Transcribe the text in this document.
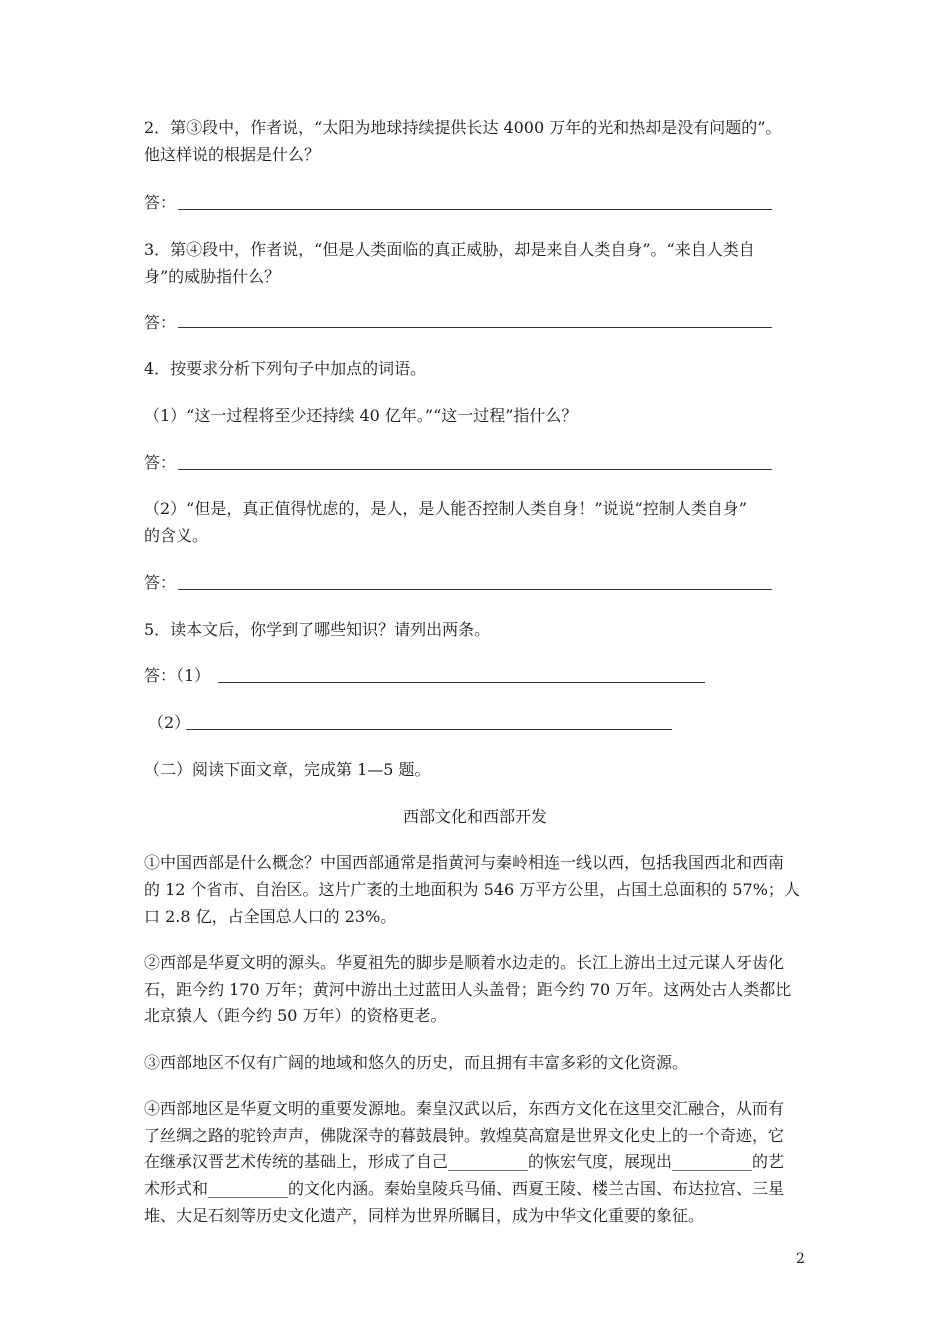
2．第③段中，作者说，“太阳为地球持续提供长达 4000 万年的光和热却是没有问题的”。
他这样说的根据是什么？
答：
3．第④段中，作者说，“但是人类面临的真正威胁，却是来自人类自身”。“来自人类自
身”的威胁指什么？
答：
4．按要求分析下列句子中加点的词语。
（1）“这一过程将至少还持续 40 亿年。”“这一过程”指什么？
答：
（2）“但是，真正值得忧虑的，是人，是人能否控制人类自身！”说说“控制人类自身”
的含义。
答：
5．读本文后，你学到了哪些知识？请列出两条。
答：（1）
（2）
（二）阅读下面文章，完成第 1—5 题。
西部文化和西部开发
①中国西部是什么概念？中国西部通常是指黄河与秦岭相连一线以西，包括我国西北和西南
的 12 个省市、自治区。这片广袤的土地面积为 546 万平方公里，占国土总面积的 57%；人
口 2.8 亿，占全国总人口的 23%。
②西部是华夏文明的源头。华夏祖先的脚步是顺着水边走的。长江上游出土过元谋人牙齿化
石，距今约 170 万年；黄河中游出土过蓝田人头盖骨；距今约 70 万年。这两处古人类都比
北京猿人（距今约 50 万年）的资格更老。
③西部地区不仅有广阔的地域和悠久的历史，而且拥有丰富多彩的文化资源。
④西部地区是华夏文明的重要发源地。秦皇汉武以后，东西方文化在这里交汇融合，从而有
了丝绸之路的驼铃声声，佛陇深寺的暮鼓晨钟。敦煌莫高窟是世界文化史上的一个奇迹，它
在继承汉晋艺术传统的基础上，形成了自己__________的恢宏气度，展现出__________的艺
术形式和__________的文化内涵。秦始皇陵兵马俑、西夏王陵、楼兰古国、布达拉宫、三星
堆、大足石刻等历史文化遗产，同样为世界所瞩目，成为中华文化重要的象征。
2
